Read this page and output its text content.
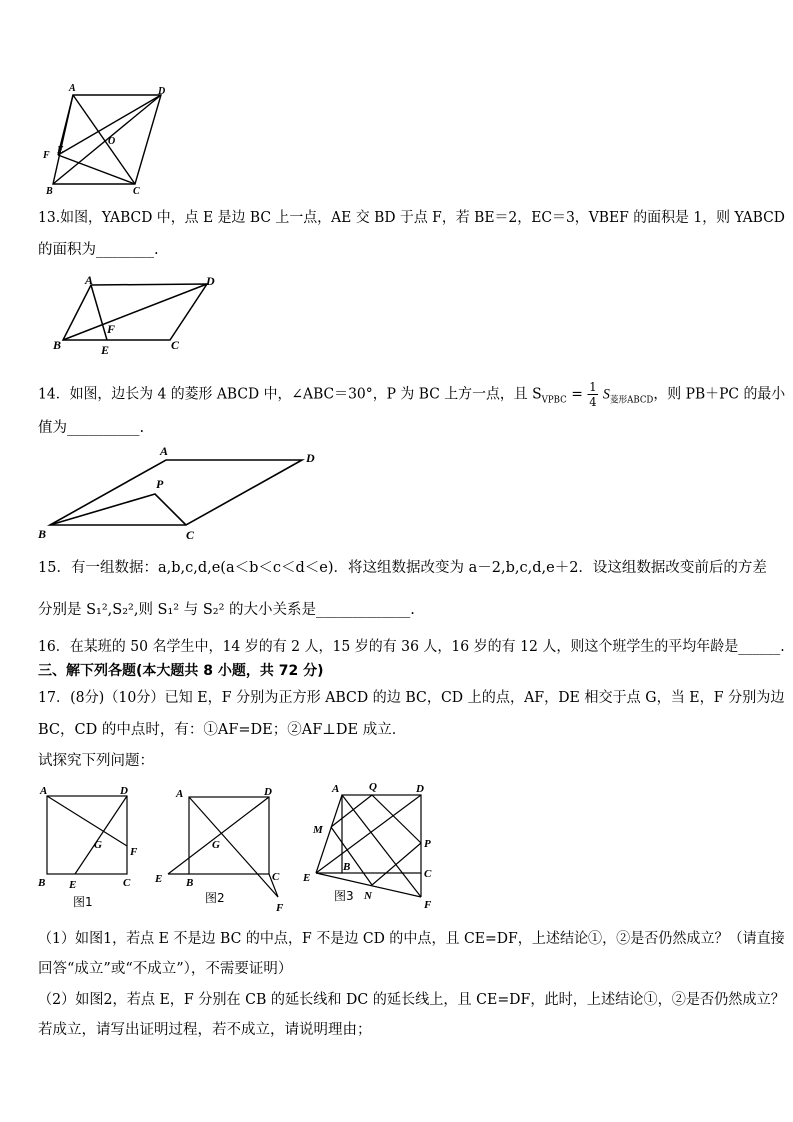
A	D
O
F E
B	C
A	D
F
B	E	C
A	D
P
B	C
A	D
G
F
B E	C
图1
A	D
G
E B	C
F
图2
A	Q	D
M
P
B
E	C
N
F
图3
13.如图，YABCD 中，点 E 是边 BC 上一点，AE 交 BD 于点 F，若 BE＝2，EC＝3，VBEF 的面积是 1，则 YABCD
的面积为________.
14．如图，边长为 4 的菱形 ABCD 中，∠ABC＝30°，P 为 BC 上方一点，且 $S_{VPBC} = \frac{1}{4} S_{菱形ABCD}$，则 PB＋PC 的最小
值为__________.
15．有一组数据：a,b,c,d,e(a＜b＜c＜d＜e)．将这组数据改变为 a－2,b,c,d,e＋2．设这组数据改变前后的方差
分别是 S₁²,S₂²,则 S₁² 与 S₂² 的大小关系是_____________.
16．在某班的 50 名学生中，14 岁的有 2 人，15 岁的有 36 人，16 岁的有 12 人，则这个班学生的平均年龄是______.
三、解下列各题(本大题共 8 小题，共 72 分)
17．(8分)（10分）已知 E，F 分别为正方形 ABCD 的边 BC，CD 上的点，AF，DE 相交于点 G，当 E，F 分别为边
BC，CD 的中点时，有：①AF=DE；②AF⊥DE 成立．
试探究下列问题：
（1）如图1，若点 E 不是边 BC 的中点，F 不是边 CD 的中点，且 CE=DF，上述结论①，②是否仍然成立？（请直接
回答“成立”或“不成立”），不需要证明）
（2）如图2，若点 E，F 分别在 CB 的延长线和 DC 的延长线上，且 CE=DF，此时，上述结论①，②是否仍然成立？
若成立，请写出证明过程，若不成立，请说明理由；
